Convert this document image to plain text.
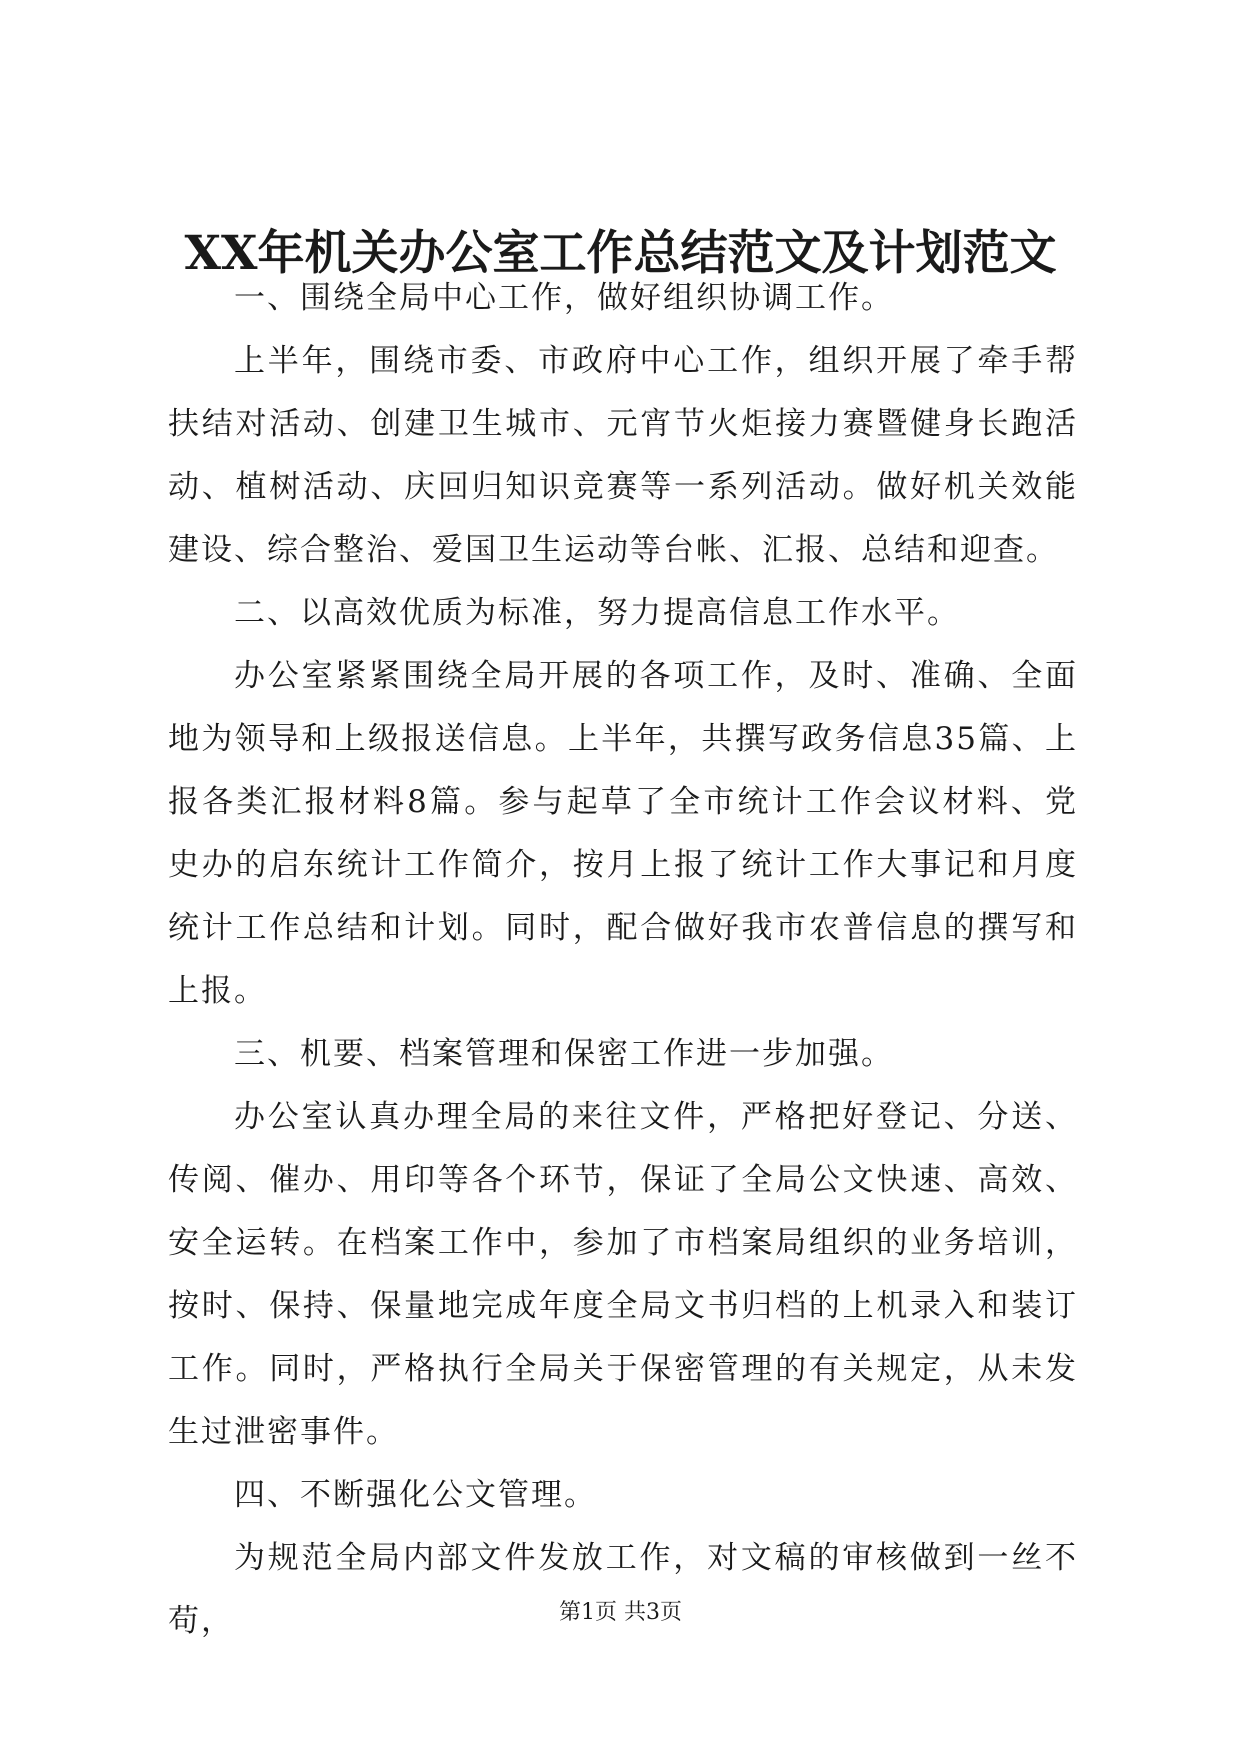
XX年机关办公室工作总结范文及计划范文

一、围绕全局中心工作，做好组织协调工作。

上半年，围绕市委、市政府中心工作，组织开展了牵手帮扶结对活动、创建卫生城市、元宵节火炬接力赛暨健身长跑活动、植树活动、庆回归知识竞赛等一系列活动。做好机关效能建设、综合整治、爱国卫生运动等台帐、汇报、总结和迎查。

二、以高效优质为标准，努力提高信息工作水平。

办公室紧紧围绕全局开展的各项工作，及时、准确、全面地为领导和上级报送信息。上半年，共撰写政务信息35篇、上报各类汇报材料8篇。参与起草了全市统计工作会议材料、党史办的启东统计工作简介，按月上报了统计工作大事记和月度统计工作总结和计划。同时，配合做好我市农普信息的撰写和上报。

三、机要、档案管理和保密工作进一步加强。

办公室认真办理全局的来往文件，严格把好登记、分送、传阅、催办、用印等各个环节，保证了全局公文快速、高效、安全运转。在档案工作中，参加了市档案局组织的业务培训，按时、保持、保量地完成年度全局文书归档的上机录入和装订工作。同时，严格执行全局关于保密管理的有关规定，从未发生过泄密事件。

四、不断强化公文管理。

为规范全局内部文件发放工作，对文稿的审核做到一丝不苟，	第1页 共3页
